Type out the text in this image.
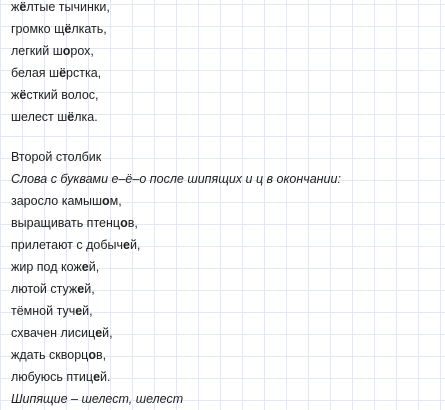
жёлтые тычинки,
громко щёлкать,
легкий шорох,
белая шёрстка,
жёсткий волос,
шелест шёлка.
Второй столбик
Слова с буквами е–ё–о после шипящих и ц в окончании:
заросло камышом,
выращивать птенцов,
прилетают с добычей,
жир под кожей,
лютой стужей,
тёмной тучей,
схвачен лисицей,
ждать скворцов,
любуюсь птицей.
Шипящие – шелест, шелест
